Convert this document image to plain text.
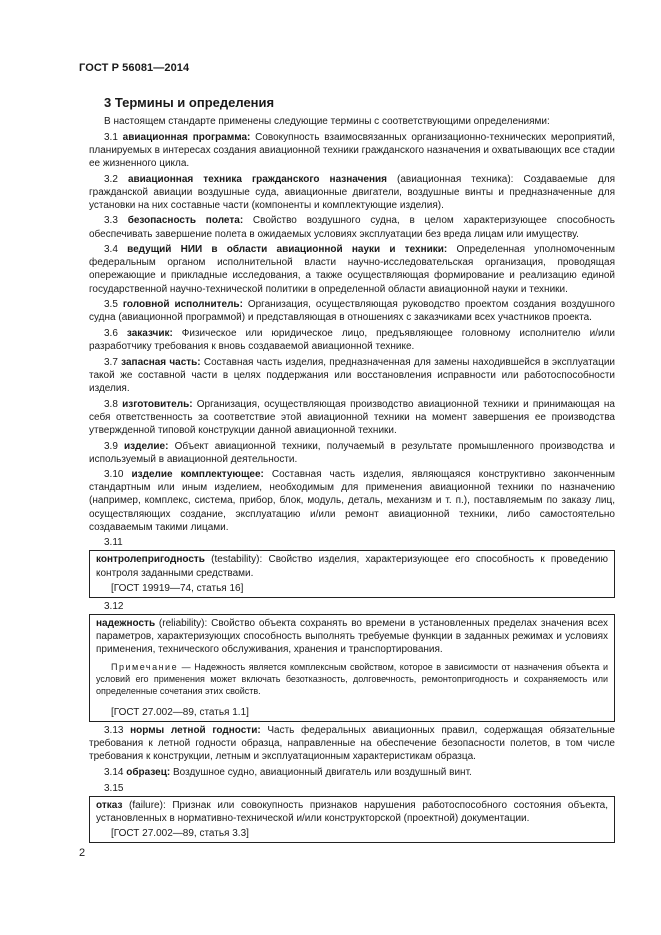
ГОСТ Р 56081—2014
3 Термины и определения

В настоящем стандарте применены следующие термины с соответствующими определениями:

3.1 авиационная программа: Совокупность взаимосвязанных организационно-технических мероприятий, планируемых в интересах создания авиационной техники гражданского назначения и охватывающих все стадии ее жизненного цикла.

3.2 авиационная техника гражданского назначения (авиационная техника): Создаваемые для гражданской авиации воздушные суда, авиационные двигатели, воздушные винты и предназначенные для установки на них составные части (компоненты и комплектующие изделия).

3.3 безопасность полета: Свойство воздушного судна, в целом характеризующее способность обеспечивать завершение полета в ожидаемых условиях эксплуатации без вреда лицам или имуществу.

3.4 ведущий НИИ в области авиационной науки и техники: Определенная уполномоченным федеральным органом исполнительной власти научно-исследовательская организация, проводящая опережающие и прикладные исследования, а также осуществляющая формирование и реализацию единой государственной научно-технической политики в определенной области авиационной науки и техники.

3.5 головной исполнитель: Организация, осуществляющая руководство проектом создания воздушного судна (авиационной программой) и представляющая в отношениях с заказчиками всех участников проекта.

3.6 заказчик: Физическое или юридическое лицо, предъявляющее головному исполнителю и/или разработчику требования к вновь создаваемой авиационной технике.

3.7 запасная часть: Составная часть изделия, предназначенная для замены находившейся в эксплуатации такой же составной части в целях поддержания или восстановления исправности или работоспособности изделия.

3.8 изготовитель: Организация, осуществляющая производство авиационной техники и принимающая на себя ответственность за соответствие этой авиационной техники на момент завершения ее производства утвержденной типовой конструкции данной авиационной техники.

3.9 изделие: Объект авиационной техники, получаемый в результате промышленного производства и используемый в авиационной деятельности.

3.10 изделие комплектующее: Составная часть изделия, являющаяся конструктивно законченным стандартным или иным изделием, необходимым для применения авиационной техники по назначению (например, комплекс, система, прибор, блок, модуль, деталь, механизм и т. п.), поставляемым по заказу лиц, осуществляющих создание, эксплуатацию и/или ремонт авиационной техники, либо самостоятельно создаваемым такими лицами.

3.11

контролепригодность (testability): Свойство изделия, характеризующее его способность к проведению контроля заданными средствами.

[ГОСТ 19919—74, статья 16]

3.12

надежность (reliability): Свойство объекта сохранять во времени в установленных пределах значения всех параметров, характеризующих способность выполнять требуемые функции в заданных режимах и условиях применения, технического обслуживания, хранения и транспортирования.

Примечание — Надежность является комплексным свойством, которое в зависимости от назначения объекта и условий его применения может включать безотказность, долговечность, ремонтопригодность и сохраняемость или определенные сочетания этих свойств.

[ГОСТ 27.002—89, статья 1.1]

3.13 нормы летной годности: Часть федеральных авиационных правил, содержащая обязательные требования к летной годности образца, направленные на обеспечение безопасности полетов, в том числе требования к конструкции, летным и эксплуатационным характеристикам образца.

3.14 образец: Воздушное судно, авиационный двигатель или воздушный винт.

3.15

отказ (failure): Признак или совокупность признаков нарушения работоспособного состояния объекта, установленных в нормативно-технической и/или конструкторской (проектной) документации.

[ГОСТ 27.002—89, статья 3.3]

2
